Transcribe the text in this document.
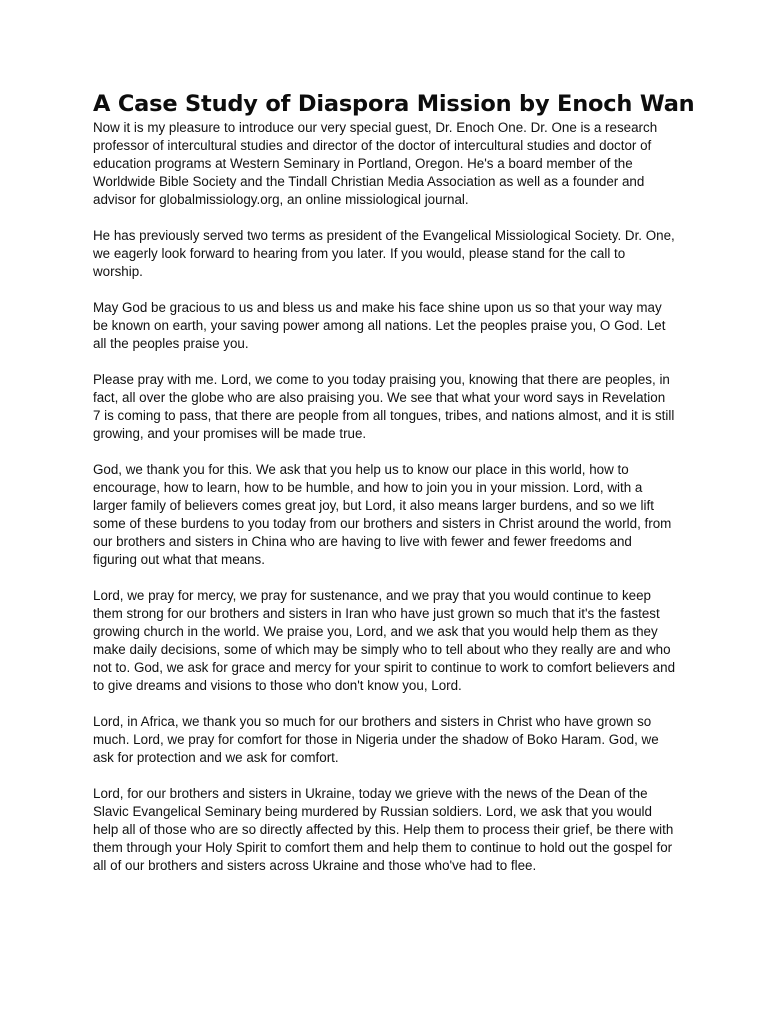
A Case Study of Diaspora Mission by Enoch Wan

Now it is my pleasure to introduce our very special guest, Dr. Enoch One. Dr. One is a research professor of intercultural studies and director of the doctor of intercultural studies and doctor of education programs at Western Seminary in Portland, Oregon. He's a board member of the Worldwide Bible Society and the Tindall Christian Media Association as well as a founder and advisor for globalmissiology.org, an online missiological journal.

He has previously served two terms as president of the Evangelical Missiological Society. Dr. One, we eagerly look forward to hearing from you later. If you would, please stand for the call to worship.

May God be gracious to us and bless us and make his face shine upon us so that your way may be known on earth, your saving power among all nations. Let the peoples praise you, O God. Let all the peoples praise you.

Please pray with me. Lord, we come to you today praising you, knowing that there are peoples, in fact, all over the globe who are also praising you. We see that what your word says in Revelation 7 is coming to pass, that there are people from all tongues, tribes, and nations almost, and it is still growing, and your promises will be made true.

God, we thank you for this. We ask that you help us to know our place in this world, how to encourage, how to learn, how to be humble, and how to join you in your mission. Lord, with a larger family of believers comes great joy, but Lord, it also means larger burdens, and so we lift some of these burdens to you today from our brothers and sisters in Christ around the world, from our brothers and sisters in China who are having to live with fewer and fewer freedoms and figuring out what that means.

Lord, we pray for mercy, we pray for sustenance, and we pray that you would continue to keep them strong for our brothers and sisters in Iran who have just grown so much that it's the fastest growing church in the world. We praise you, Lord, and we ask that you would help them as they make daily decisions, some of which may be simply who to tell about who they really are and who not to. God, we ask for grace and mercy for your spirit to continue to work to comfort believers and to give dreams and visions to those who don't know you, Lord.

Lord, in Africa, we thank you so much for our brothers and sisters in Christ who have grown so much. Lord, we pray for comfort for those in Nigeria under the shadow of Boko Haram. God, we ask for protection and we ask for comfort.

Lord, for our brothers and sisters in Ukraine, today we grieve with the news of the Dean of the Slavic Evangelical Seminary being murdered by Russian soldiers. Lord, we ask that you would help all of those who are so directly affected by this. Help them to process their grief, be there with them through your Holy Spirit to comfort them and help them to continue to hold out the gospel for all of our brothers and sisters across Ukraine and those who've had to flee.
